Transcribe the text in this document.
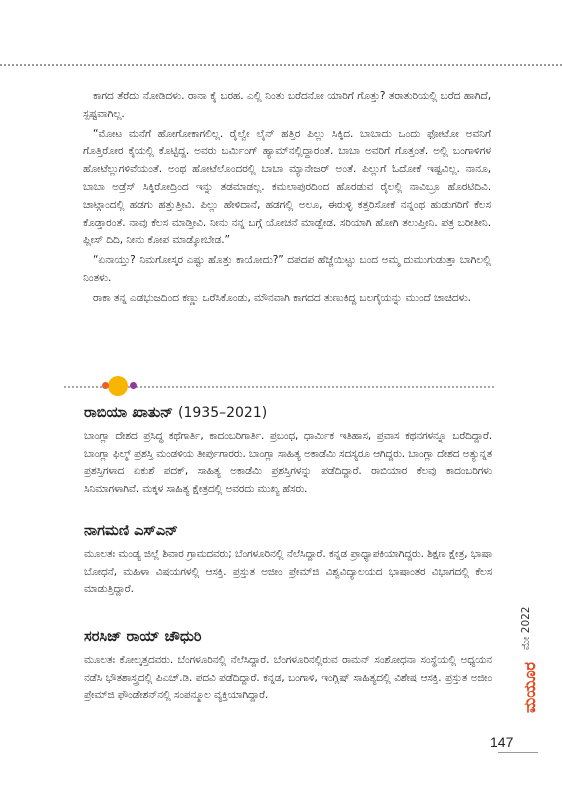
ಕಾಗದ ತೆರೆದು ನೋಡಿದಳು. ರಾನಾ ಕೈ ಬರಹ. ಎಲ್ಲಿ ನಿಂತು ಬರೆದನೋ ಯಾರಿಗೆ ಗೊತ್ತು? ತರಾತುರಿಯಲ್ಲಿ ಬರೆದ ಹಾಗಿದೆ, ಸ್ಪಷ್ಟವಾಗಿಲ್ಲ.

“ಮೋಟ ಮನೆಗೆ ಹೋಗೋಕಾಗಲಿಲ್ಲ. ರೈಲ್ವೇ ಲೈನ್ ಹತ್ತಿರ ಪಿಲ್ಲು ಸಿಕ್ಕಿದ. ಬಾಬಾದು ಒಂದು ಫೋಟೋ ಅವನಿಗೆ ಗೊತ್ತಿರೋರ ಕೈಯಲ್ಲಿ ಕೊಟ್ಟಿದ್ದ. ಅವರು ಬರ್ಮಿಂಗ್ ಹ್ಯಾಮ್‌ನಲ್ಲಿದ್ದಾರಂತೆ. ಬಾಬಾ ಅವರಿಗೆ ಗೊತ್ತಂತೆ. ಅಲ್ಲಿ ಬಂಗಾಳಿಗಳ ಹೋಟೆಲ್ಲುಗಳಿವೆಯಂತೆ. ಅಂಥ ಹೋಟೆಲೊಂದರಲ್ಲಿ ಬಾಬಾ ಮ್ಯಾನೇಜರ್ ಅಂತೆ. ಪಿಲ್ಲುಗೆ ಓದೋಕೆ ಇಷ್ಟವಿಲ್ಲ. ನಾನೂ, ಬಾಬಾ ಅಡ್ರೆಸ್ ಸಿಕ್ಕಿರೋದ್ರಿಂದ ಇನ್ನು ತಡಮಾಡಲ್ಲ. ಕಮಲಾಪುರದಿಂದ ಹೊರಡುವ ರೈಲಲ್ಲಿ ನಾವಿಬ್ರೂ ಹೊರಟಿದಿವಿ. ಚಾಟ್ಗಾಂದಲ್ಲಿ ಹಡಗು ಹತ್ತುತ್ತೀವಿ. ಪಿಲ್ಲು ಹೇಳಿದಾನೆ, ಹಡಗಲ್ಲಿ ಅಲೂ, ಈರುಳ್ಳಿ ಕತ್ತರಿಸೋಕೆ ನನ್ನಂಥ ಹುಡುಗರಿಗೆ ಕೆಲಸ ಕೊಡ್ತಾರಂತೆ. ನಾವು ಕೆಲಸ ಮಾಡ್ತೀವಿ. ನೀನು ನನ್ನ ಬಗ್ಗೆ ಯೋಚನೆ ಮಾಡ್ಬೇಡ. ಸರಿಯಾಗಿ ಹೋಗಿ ತಲುಪ್ತೀನಿ. ಪತ್ರ ಬರೀತೀನಿ. ಪ್ಲೀಸ್ ದಿದಿ, ನೀನು ಕೋಪ ಮಾಡ್ಕೋಬೇಡ.”

“ಏನಾಯ್ತು? ನಿಮಗೋಸ್ಕರ ಎಷ್ಟು ಹೊತ್ತು ಕಾಯೋದು?” ದಪದಪ ಹೆಜ್ಜೆಯಿಟ್ಟು ಬಂದ ಅಮ್ಮ ದುಮುಗುಡುತ್ತಾ ಬಾಗಿಲಲ್ಲಿ ನಿಂತಳು.

ರಾಕಾ ತನ್ನ ಎಡಭುಜದಿಂದ ಕಣ್ಣು ಒರೆಸಿಕೊಂಡು, ಮೌನವಾಗಿ ಕಾಗದದ ತುಣುಕಿದ್ದ ಬಲಗೈಯನ್ನು ಮುಂದೆ ಚಾಚಿದಳು.

ರಾಬಿಯಾ ಖಾತುನ್ (1935–2021)

ಬಾಂಗ್ಲಾ ದೇಶದ ಪ್ರಸಿದ್ಧ ಕಥೆಗಾರ್ತಿ, ಕಾದಂಬರಿಗಾರ್ತಿ. ಪ್ರಬಂಧ, ಧಾರ್ಮಿಕ ಇತಿಹಾಸ, ಪ್ರವಾಸ ಕಥನಗಳನ್ನೂ ಬರೆದಿದ್ದಾರೆ. ಬಾಂಗ್ಲಾ ಫಿಲ್ಮ್ ಪ್ರಶಸ್ತಿ ಮಂಡಳಿಯ ತೀರ್ಪುಗಾರರು. ಬಾಂಗ್ಲಾ ಸಾಹಿತ್ಯ ಅಕಾಡೆಮಿ ಸದಸ್ಯರೂ ಆಗಿದ್ದರು. ಬಾಂಗ್ಲಾ ದೇಶದ ಅತ್ಯುನ್ನತ ಪ್ರಶಸ್ತಿಗಳಾದ ಏಕುಶೆ ಪದಕ್, ಸಾಹಿತ್ಯ ಅಕಾಡೆಮಿ ಪ್ರಶಸ್ತಿಗಳನ್ನು ಪಡೆದಿದ್ದಾರೆ. ರಾಬಿಯಾರ ಕೆಲವು ಕಾದಂಬರಿಗಳು ಸಿನಿಮಾಗಳಾಗಿವೆ. ಮಕ್ಕಳ ಸಾಹಿತ್ಯ ಕ್ಷೇತ್ರದಲ್ಲಿ ಅವರದು ಮುಖ್ಯ ಹೆಸರು.

ನಾಗಮಣಿ ಎಸ್‌ಎನ್

ಮೂಲತಃ ಮಂಡ್ಯ ಜಿಲ್ಲೆ ಶಿವಾರ ಗ್ರಾಮದವರು; ಬೆಂಗಳೂರಿನಲ್ಲಿ ನೆಲೆಸಿದ್ದಾರೆ. ಕನ್ನಡ ಪ್ರಾಧ್ಯಾಪಕಿಯಾಗಿದ್ದರು. ಶಿಕ್ಷಣ ಕ್ಷೇತ್ರ, ಭಾಷಾ ಬೋಧನೆ, ಮಹಿಳಾ ವಿಷಯಗಳಲ್ಲಿ ಆಸಕ್ತಿ. ಪ್ರಸ್ತುತ ಅಜೀಂ ಪ್ರೇಮ್‌ಜಿ ವಿಶ್ವವಿದ್ಯಾಲಯದ ಭಾಷಾಂತರ ವಿಭಾಗದಲ್ಲಿ ಕೆಲಸ ಮಾಡುತ್ತಿದ್ದಾರೆ.

ಸರಸಿಜ್ ರಾಯ್ ಚೌಧುರಿ

ಮೂಲತಃ ಕೋಲ್ಕತ್ತದವರು. ಬೆಂಗಳೂರಿನಲ್ಲಿ ನೆಲೆಸಿದ್ದಾರೆ. ಬೆಂಗಳೂರಿನಲ್ಲಿರುವ ರಾಮನ್ ಸಂಶೋಧನಾ ಸಂಸ್ಥೆಯಲ್ಲಿ ಅಧ್ಯಯನ ನಡೆಸಿ ಭೌತಶಾಸ್ತ್ರದಲ್ಲಿ ಪಿಎಚ್.ಡಿ. ಪದವಿ ಪಡೆದಿದ್ದಾರೆ. ಕನ್ನಡ, ಬಂಗಾಳಿ, ಇಂಗ್ಲಿಷ್ ಸಾಹಿತ್ಯದಲ್ಲಿ ವಿಶೇಷ ಆಸಕ್ತಿ. ಪ್ರಸ್ತುತ ಅಜೀಂ ಪ್ರೇಮ್‌ಜಿ ಫೌಂಡೇಶನ್‌ನಲ್ಲಿ ಸಂಪನ್ಮೂಲ ವ್ಯಕ್ತಿಯಾಗಿದ್ದಾರೆ.

ಮೇ 2022
ಮಯೂರ
147
